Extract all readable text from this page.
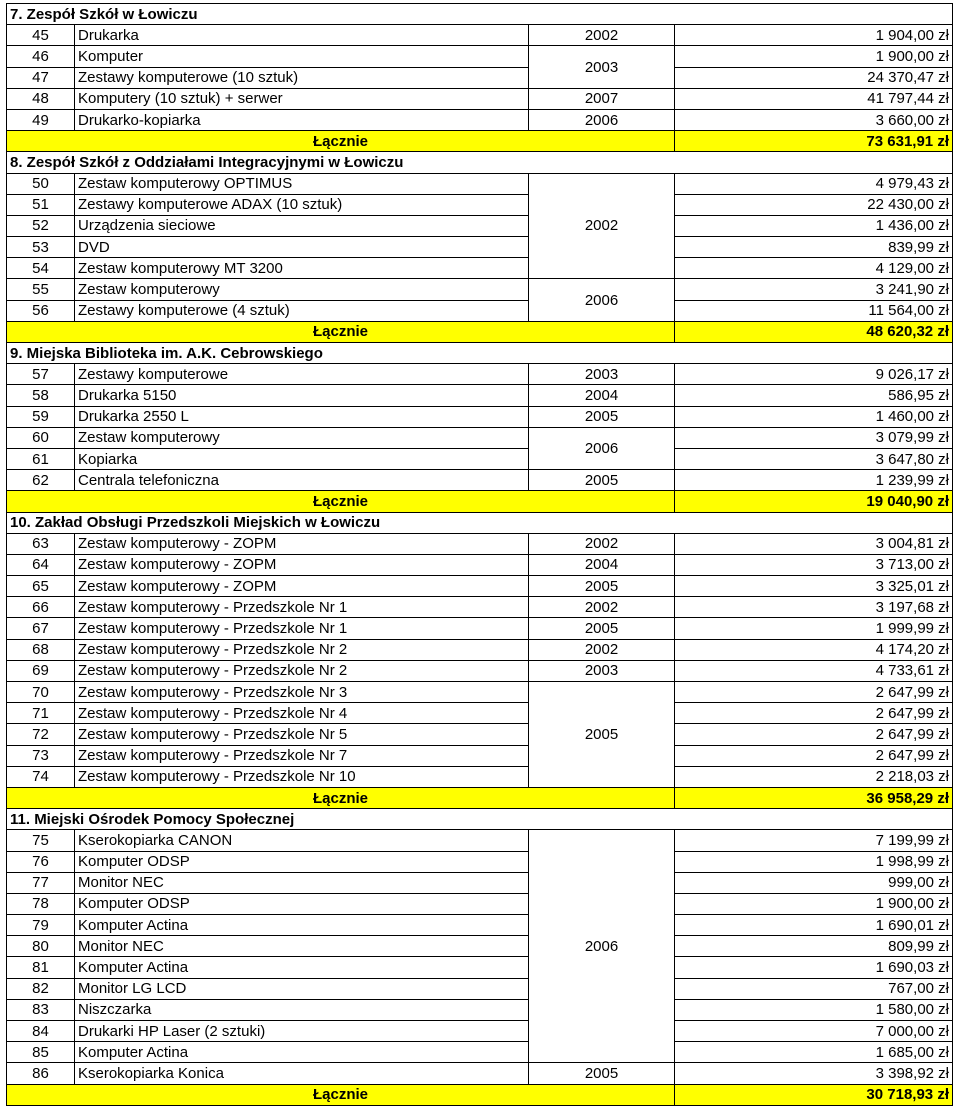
7. Zespół Szkół w Łowiczu			
45	Drukarka	2002	1 904,00 zł
46	Komputer	2003	1 900,00 zł
47	Zestawy komputerowe (10 sztuk)		24 370,47 zł
48	Komputery (10 sztuk) + serwer	2007	41 797,44 zł
49	Drukarko-kopiarka	2006	3 660,00 zł
Łącznie			73 631,91 zł
8. Zespół Szkół z Oddziałami Integracyjnymi w Łowiczu			
50	Zestaw komputerowy OPTIMUS	2002	4 979,43 zł
51	Zestawy komputerowe ADAX (10 sztuk)		22 430,00 zł
52	Urządzenia sieciowe		1 436,00 zł
53	DVD		839,99 zł
54	Zestaw komputerowy MT 3200		4 129,00 zł
55	Zestaw komputerowy	2006	3 241,90 zł
56	Zestawy komputerowe (4 sztuk)		11 564,00 zł
Łącznie			48 620,32 zł
9. Miejska Biblioteka im. A.K. Cebrowskiego			
57	Zestawy komputerowe	2003	9 026,17 zł
58	Drukarka 5150	2004	586,95 zł
59	Drukarka 2550 L	2005	1 460,00 zł
60	Zestaw komputerowy	2006	3 079,99 zł
61	Kopiarka		3 647,80 zł
62	Centrala telefoniczna	2005	1 239,99 zł
Łącznie			19 040,90 zł
10. Zakład Obsługi Przedszkoli Miejskich w Łowiczu			
63	Zestaw komputerowy - ZOPM	2002	3 004,81 zł
64	Zestaw komputerowy - ZOPM	2004	3 713,00 zł
65	Zestaw komputerowy - ZOPM	2005	3 325,01 zł
66	Zestaw komputerowy - Przedszkole Nr 1	2002	3 197,68 zł
67	Zestaw komputerowy - Przedszkole Nr 1	2005	1 999,99 zł
68	Zestaw komputerowy - Przedszkole Nr 2	2002	4 174,20 zł
69	Zestaw komputerowy - Przedszkole Nr 2	2003	4 733,61 zł
70	Zestaw komputerowy - Przedszkole Nr 3	2005	2 647,99 zł
71	Zestaw komputerowy - Przedszkole Nr 4		2 647,99 zł
72	Zestaw komputerowy - Przedszkole Nr 5		2 647,99 zł
73	Zestaw komputerowy - Przedszkole Nr 7		2 647,99 zł
74	Zestaw komputerowy - Przedszkole Nr 10		2 218,03 zł
Łącznie			36 958,29 zł
11. Miejski Ośrodek Pomocy Społecznej			
75	Kserokopiarka CANON	2006	7 199,99 zł
76	Komputer ODSP		1 998,99 zł
77	Monitor NEC		999,00 zł
78	Komputer ODSP		1 900,00 zł
79	Komputer Actina		1 690,01 zł
80	Monitor NEC		809,99 zł
81	Komputer Actina		1 690,03 zł
82	Monitor LG LCD		767,00 zł
83	Niszczarka		1 580,00 zł
84	Drukarki HP Laser (2 sztuki)		7 000,00 zł
85	Komputer Actina		1 685,00 zł
86	Kserokopiarka Konica	2005	3 398,92 zł
Łącznie			30 718,93 zł
